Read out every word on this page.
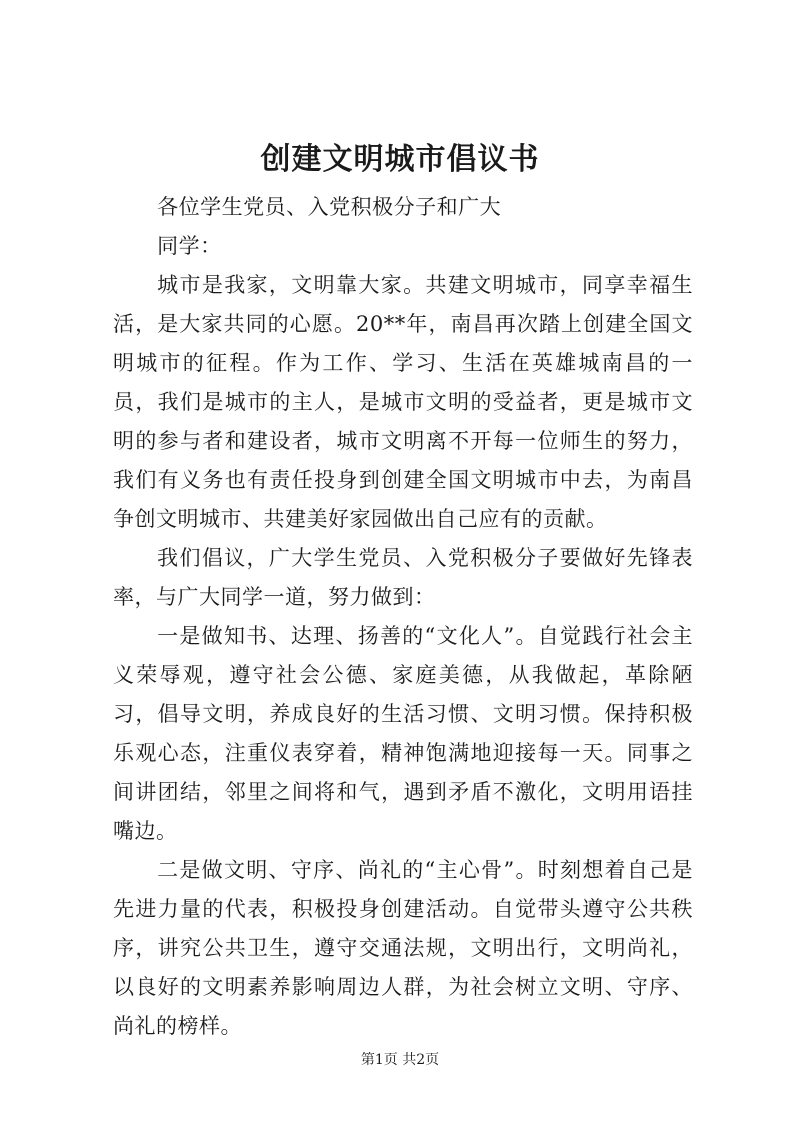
创建文明城市倡议书

各位学生党员、入党积极分子和广大

同学：

城市是我家，文明靠大家。共建文明城市，同享幸福生活，是大家共同的心愿。20**年，南昌再次踏上创建全国文明城市的征程。作为工作、学习、生活在英雄城南昌的一员，我们是城市的主人，是城市文明的受益者，更是城市文明的参与者和建设者，城市文明离不开每一位师生的努力，我们有义务也有责任投身到创建全国文明城市中去，为南昌争创文明城市、共建美好家园做出自己应有的贡献。

我们倡议，广大学生党员、入党积极分子要做好先锋表率，与广大同学一道，努力做到：

一是做知书、达理、扬善的“文化人”。自觉践行社会主义荣辱观，遵守社会公德、家庭美德，从我做起，革除陋习，倡导文明，养成良好的生活习惯、文明习惯。保持积极乐观心态，注重仪表穿着，精神饱满地迎接每一天。同事之间讲团结，邻里之间将和气，遇到矛盾不激化，文明用语挂嘴边。

二是做文明、守序、尚礼的“主心骨”。时刻想着自己是先进力量的代表，积极投身创建活动。自觉带头遵守公共秩序，讲究公共卫生，遵守交通法规，文明出行，文明尚礼，以良好的文明素养影响周边人群，为社会树立文明、守序、尚礼的榜样。

第1页 共2页
